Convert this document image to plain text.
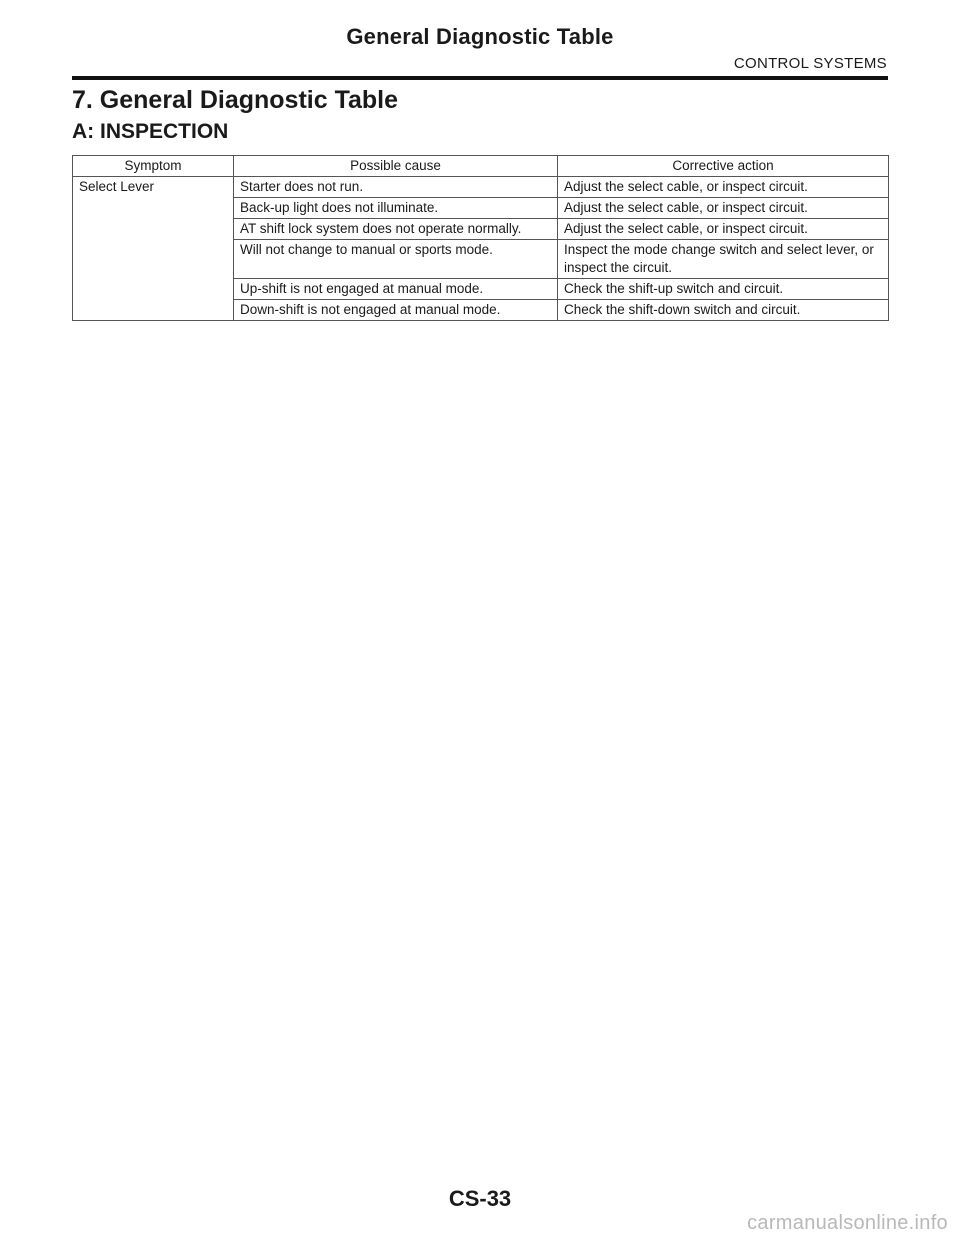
General Diagnostic Table
CONTROL SYSTEMS
7. General Diagnostic Table
A: INSPECTION
Symptom	Possible cause	Corrective action
Select Lever	Starter does not run.	Adjust the select cable, or inspect circuit.
	Back-up light does not illuminate.	Adjust the select cable, or inspect circuit.
	AT shift lock system does not operate normally.	Adjust the select cable, or inspect circuit.
	Will not change to manual or sports mode.	Inspect the mode change switch and select lever, or inspect the circuit.
	Up-shift is not engaged at manual mode.	Check the shift-up switch and circuit.
	Down-shift is not engaged at manual mode.	Check the shift-down switch and circuit.
CS-33
carmanualsonline.info
